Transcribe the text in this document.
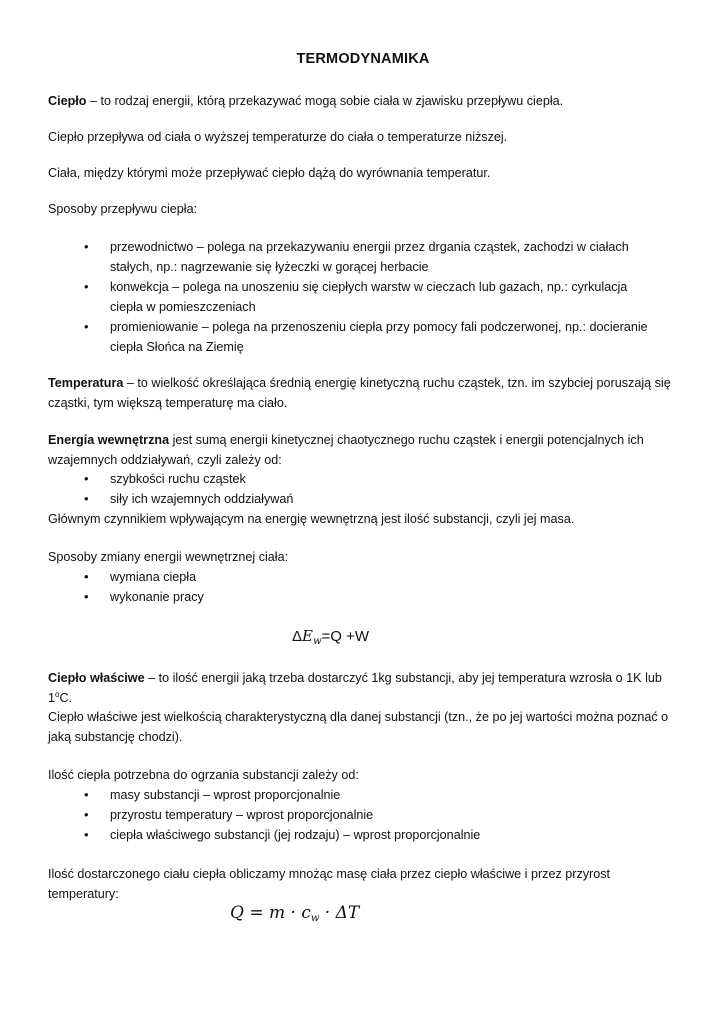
TERMODYNAMIKA
Ciepło – to rodzaj energii, którą przekazywać mogą sobie ciała w zjawisku przepływu ciepła.
Ciepło przepływa od ciała o wyższej temperaturze do ciała o temperaturze niższej.
Ciała, między którymi może przepływać ciepło dążą do wyrównania temperatur.
Sposoby przepływu ciepła:
• przewodnictwo – polega na przekazywaniu energii przez drgania cząstek, zachodzi w ciałach stałych, np.: nagrzewanie się łyżeczki w gorącej herbacie
• konwekcja – polega na unoszeniu się ciepłych warstw w cieczach lub gazach, np.: cyrkulacja ciepła w pomieszczeniach
• promieniowanie – polega na przenoszeniu ciepła przy pomocy fali podczerwonej, np.: docieranie ciepła Słońca na Ziemię
Temperatura – to wielkość określająca średnią energię kinetyczną ruchu cząstek, tzn. im szybciej poruszają się cząstki, tym większą temperaturę ma ciało.
Energia wewnętrzna jest sumą energii kinetycznej chaotycznego ruchu cząstek i energii potencjalnych ich wzajemnych oddziaływań, czyli zależy od:
• szybkości ruchu cząstek
• siły ich wzajemnych oddziaływań
Głównym czynnikiem wpływającym na energię wewnętrzną jest ilość substancji, czyli jej masa.
Sposoby zmiany energii wewnętrznej ciała:
• wymiana ciepła
• wykonanie pracy
$\Delta E_w=Q +W$
Ciepło właściwe – to ilość energii jaką trzeba dostarczyć 1kg substancji, aby jej temperatura wzrosła o 1K lub 1$^o$C.
Ciepło właściwe jest wielkością charakterystyczną dla danej substancji (tzn., że po jej wartości można poznać o jaką substancję chodzi).
Ilość ciepła potrzebna do ogrzania substancji zależy od:
• masy substancji – wprost proporcjonalnie
• przyrostu temperatury – wprost proporcjonalnie
• ciepła właściwego substancji (jej rodzaju) – wprost proporcjonalnie
Ilość dostarczonego ciału ciepła obliczamy mnożąc masę ciała przez ciepło właściwe i przez przyrost temperatury:
$Q = m \cdot c_w \cdot \Delta T$
